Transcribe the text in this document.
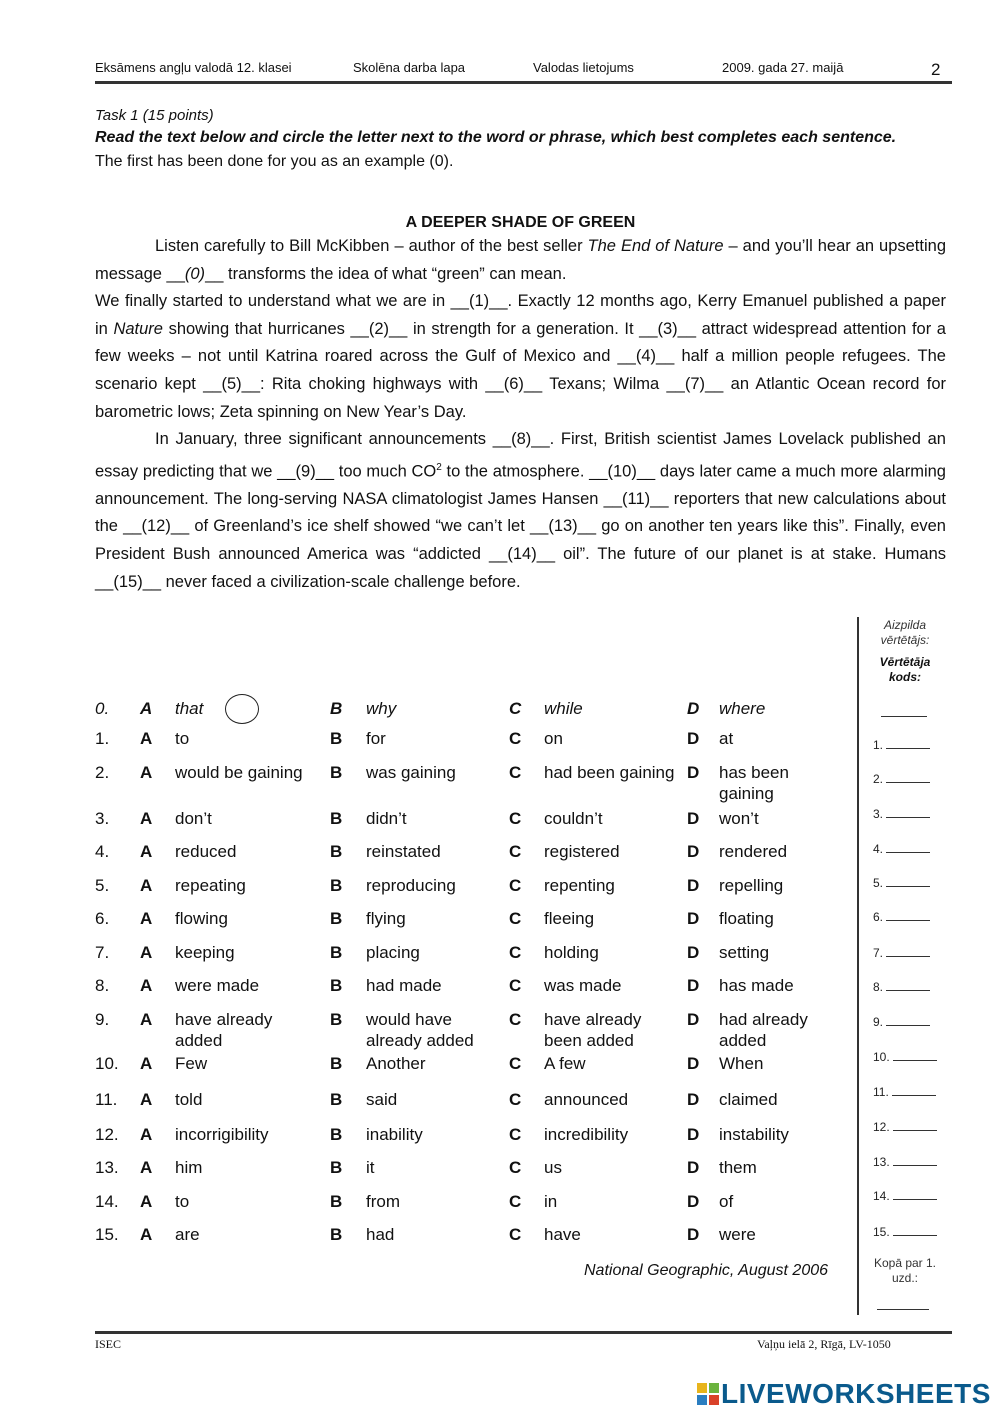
Eksāmens angļu valodā 12. klasei	Skolēna darba lapa	Valodas lietojums	2009. gada 27. maijā	2
Task 1 (15 points)
Read the text below and circle the letter next to the word or phrase, which best completes each sentence.
The first has been done for you as an example (0).
A DEEPER SHADE OF GREEN

Listen carefully to Bill McKibben – author of the best seller The End of Nature – and you’ll hear an upsetting message __(0)__ transforms the idea of what “green” can mean.

We finally started to understand what we are in __(1)__. Exactly 12 months ago, Kerry Emanuel published a paper in Nature showing that hurricanes __(2)__ in strength for a generation. It __(3)__ attract widespread attention for a few weeks – not until Katrina roared across the Gulf of Mexico and __(4)__ half a million people refugees. The scenario kept __(5)__: Rita choking highways with __(6)__ Texans; Wilma __(7)__ an Atlantic Ocean record for barometric lows; Zeta spinning on New Year’s Day.

In January, three significant announcements __(8)__. First, British scientist James Lovelack published an essay predicting that we __(9)__ too much $CO^2$ to the atmosphere. __(10)__ days later came a much more alarming announcement. The long-serving NASA climatologist James Hansen __(11)__ reporters that new calculations about the __(12)__ of Greenland’s ice shelf showed “we can’t let __(13)__ go on another ten years like this”. Finally, even President Bush announced America was “addicted __(14)__ oil”. The future of our planet is at stake. Humans __(15)__ never faced a civilization-scale challenge before.

Aizpilda vērtētājs:
Vērtētāja kods:
0. A that	B why	C while	D where
1. A to	B for	C on	D at
2. A would be gaining	B was gaining	C had been gaining D has been gaining
3. A don’t	B didn’t	C couldn’t	D won’t
4. A reduced	B reinstated	C registered	D rendered
5. A repeating	B reproducing	C repenting	D repelling
6. A flowing	B flying	C fleeing	D floating
7. A keeping	B placing	C holding	D setting
8. A were made	B had made	C was made	D has made
9. A have already added
B would have already added
C have already been added
D had already added
10. A Few	B Another	C A few	D When
11. A told	B said	C announced	D claimed
12. A incorrigibility	B inability	C incredibility	D instability
13. A him	B it	C us	D them
14. A to	B from	C in	D of
15. A are	B had	C have	D were
National Geographic, August 2006	Kopā par 1. uzd.:
ISEC	Vaļņu ielā 2, Rīgā, LV-1050
LIVEWORKSHEETS
1.
2.
3.
4.
5.
6.
7.
8.
9.
10.
11.
12.
13.
14.
15.
